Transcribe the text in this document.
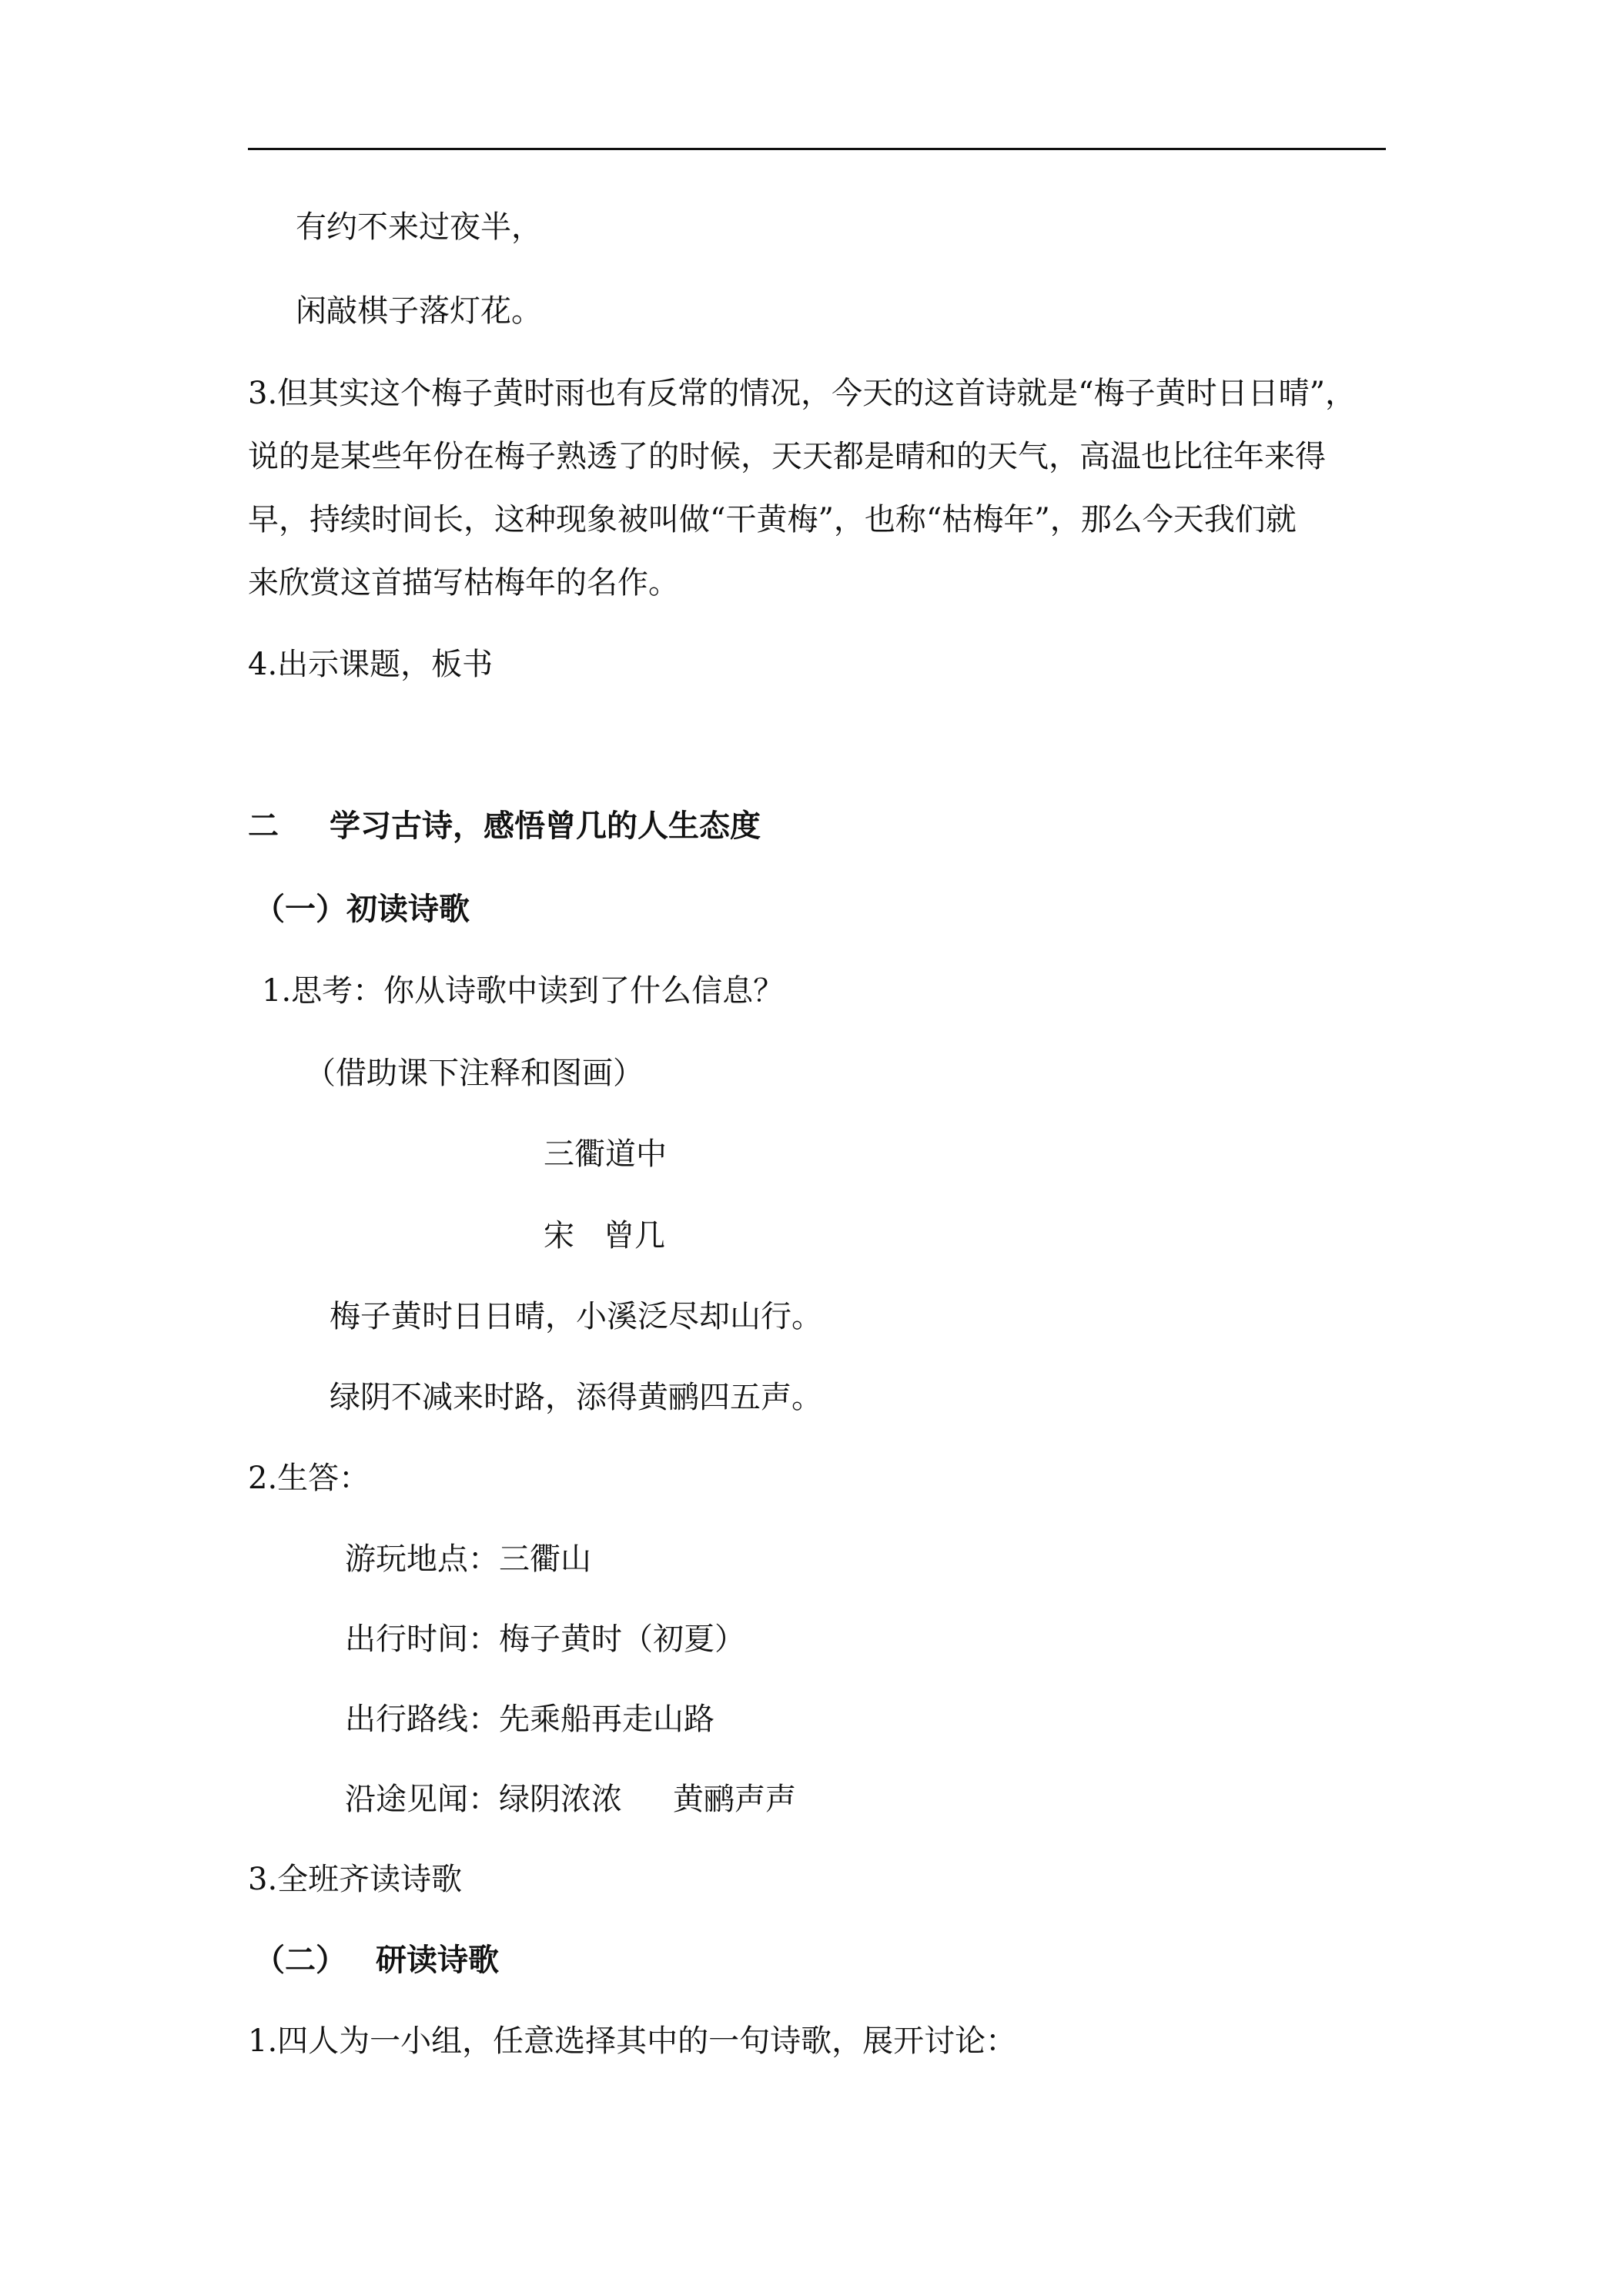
有约不来过夜半，
闲敲棋子落灯花。
3.但其实这个梅子黄时雨也有反常的情况，今天的这首诗就是“梅子黄时日日晴”，
说的是某些年份在梅子熟透了的时候，天天都是晴和的天气，高温也比往年来得
早，持续时间长，这种现象被叫做“干黄梅”，也称“枯梅年”，那么今天我们就
来欣赏这首描写枯梅年的名作。
4.出示课题，板书
二 学习古诗，感悟曾几的人生态度
（一）初读诗歌
1.思考：你从诗歌中读到了什么信息？
（借助课下注释和图画）
三衢道中
宋 曾几
梅子黄时日日晴，小溪泛尽却山行。
绿阴不减来时路，添得黄鹂四五声。
2.生答：
游玩地点：三衢山
出行时间：梅子黄时（初夏）
出行路线：先乘船再走山路
沿途见闻：绿阴浓浓 黄鹂声声
3.全班齐读诗歌
（二） 研读诗歌
1.四人为一小组，任意选择其中的一句诗歌，展开讨论：
